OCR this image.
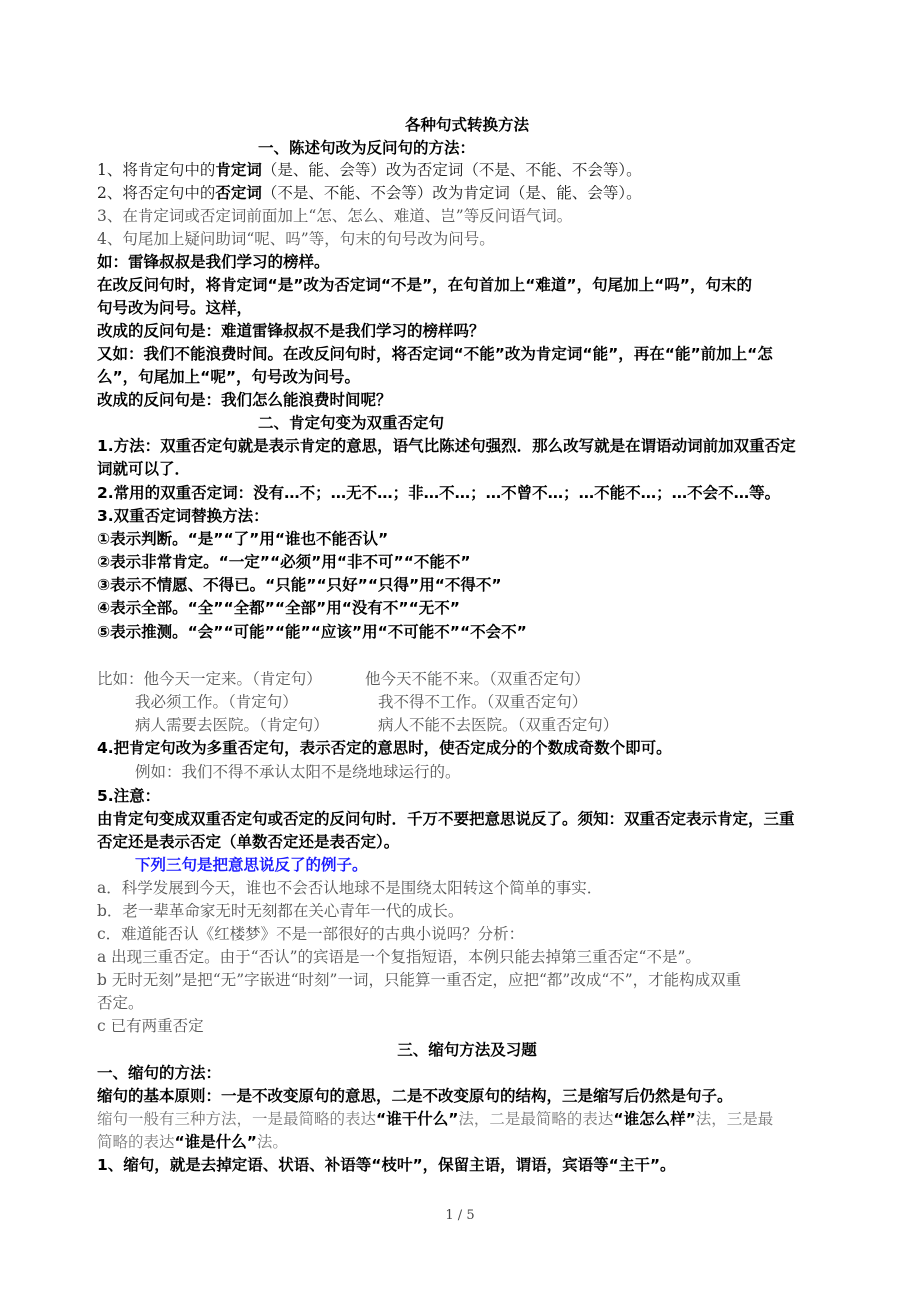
各种句式转换方法
一、陈述句改为反问句的方法：
1、将肯定句中的肯定词（是、能、会等）改为否定词（不是、不能、不会等）。
2、将否定句中的否定词（不是、不能、不会等）改为肯定词（是、能、会等）。
3、在肯定词或否定词前面加上“怎、怎么、难道、岂”等反问语气词。
4、句尾加上疑问助词“呢、吗”等，句末的句号改为问号。
如：雷锋叔叔是我们学习的榜样。
在改反问句时，将肯定词“是”改为否定词“不是”，在句首加上“难道”，句尾加上“吗”，句末的
句号改为问号。这样，
改成的反问句是：难道雷锋叔叔不是我们学习的榜样吗？
又如：我们不能浪费时间。在改反问句时，将否定词“不能”改为肯定词“能”，再在“能”前加上“怎
么”，句尾加上“呢”，句号改为问号。
改成的反问句是：我们怎么能浪费时间呢？
二、肯定句变为双重否定句
1.方法：双重否定句就是表示肯定的意思，语气比陈述句强烈．那么改写就是在谓语动词前加双重否定
词就可以了．
2.常用的双重否定词：没有…不；…无不…；非…不…；…不曾不…；…不能不…；…不会不…等。
3.双重否定词替换方法：
①表示判断。“是”“了”用“谁也不能否认”
②表示非常肯定。“一定”“必须”用“非不可”“不能不”
③表示不情愿、不得已。“只能”“只好”“只得”用“不得不”
④表示全部。“全”“全都”“全部”用“没有不”“无不”
⑤表示推测。“会”“可能”“能”“应该”用“不可能不”“不会不”
比如：他今天一定来。（肯定句）	他今天不能不来。（双重否定句）
我必须工作。（肯定句）	我不得不工作。（双重否定句）
病人需要去医院。（肯定句）	病人不能不去医院。（双重否定句）
4.把肯定句改为多重否定句，表示否定的意思时，使否定成分的个数成奇数个即可。
例如：我们不得不承认太阳不是绕地球运行的。
5.注意：
由肯定句变成双重否定句或否定的反问句时．千万不要把意思说反了。须知：双重否定表示肯定，三重
否定还是表示否定（单数否定还是表否定）。
下列三句是把意思说反了的例子。
a．科学发展到今天，谁也不会否认地球不是围绕太阳转这个简单的事实．
b．老一辈革命家无时无刻都在关心青年一代的成长。
c．难道能否认《红楼梦》不是一部很好的古典小说吗？分析：
a 出现三重否定。由于“否认”的宾语是一个复指短语，本例只能去掉第三重否定“不是”。
b 无时无刻”是把“无”字嵌进“时刻”一词，只能算一重否定，应把“都”改成“不”，才能构成双重
否定。
c 已有两重否定
三、缩句方法及习题
一、缩句的方法：
缩句的基本原则：一是不改变原句的意思，二是不改变原句的结构，三是缩写后仍然是句子。
缩句一般有三种方法，一是最简略的表达“谁干什么”法，二是最简略的表达“谁怎么样”法，三是最
简略的表达“谁是什么”法。
1、缩句，就是去掉定语、状语、补语等“枝叶”，保留主语，谓语，宾语等“主干”。
1 / 5
